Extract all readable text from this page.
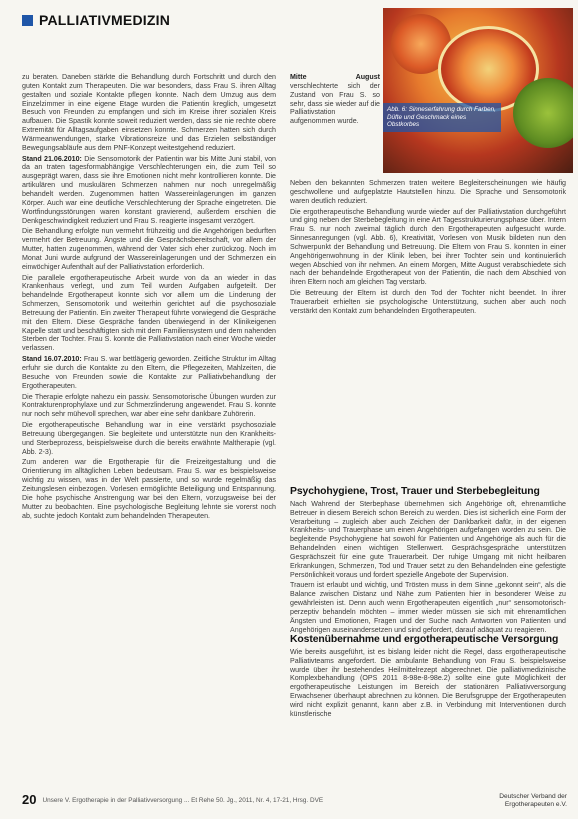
PALLIATIVMEDIZIN
Abb. 6: Sinneserfahrung durch Farben, Düfte und Geschmack eines Obstkorbes

zu beraten. Daneben stärkte die Behandlung durch Fortschritt und durch den guten Kontakt zum Therapeuten. Die war besonders, dass Frau S. ihren Alltag gestalten und soziale Kontakte pflegen konnte. Nach dem Umzug aus dem Einzelzimmer in eine eigene Etage wurden die Patientin kreglich, umgesetzt Besuch von Freunden zu empfangen und sich im Kreise ihrer sozialen Kreis aufbauen. Die Spastik konnte soweit reduziert werden, dass sie nie rechte obere Extremität für Alltagsaufgaben einsetzen konnte. Schmerzen hatten sich durch Wärmeanwendungen, starke Vibrationsreize und das Erzielen selbständiger Bewegungsabläufe aus dem PNF-Konzept weitestgehend reduziert.

Stand 21.06.2010: Die Sensomotorik der Patientin war bis Mitte Juni stabil, von da an traten tagesformabhängige Verschlechterungen ein, die zum Teil so ausgeprägt waren, dass sie ihre Emotionen nicht mehr kontrollieren konnte. Die artikulären und muskulären Schmerzen nahmen nur noch unregelmäßig behandelt werden. Zugenommen hatten Wassereinlagerungen im ganzen Körper. Auch war eine deutliche Verschlechterung der Sprache eingetreten. Die Wortfindungsstörungen waren konstant gravierend, außerdem erschien die Denkgeschwindigkeit reduziert und Frau S. reagierte insgesamt verzögert.

Die Behandlung erfolgte nun vermehrt frühzeitig und die Angehörigen bedurften vermehrt der Betreuung. Ängste und die Gesprächsbereitschaft, vor allem der Mutter, hatten zugenommen, während der Vater sich eher zurückzog. Noch im Monat Juni wurde aufgrund der Wassereinlagerungen und der Schmerzen ein einwöchiger Aufenthalt auf der Palliativstation erforderlich.

Die parallele ergotherapeutische Arbeit wurde von da an wieder in das Krankenhaus verlegt, und zum Teil wurden Aufgaben aufgeteilt. Der behandelnde Ergotherapeut konnte sich vor allem um die Linderung der Schmerzen, Sensomotorik und weiterhin gerichtet auf die psychosoziale Betreuung der Patientin. Ein zweiter Therapeut führte vorwiegend die Gespräche mit den Eltern. Diese Gespräche fanden überwiegend in der Klinikeigenen Kapelle statt und beschäftigten sich mit dem Familiensystem und dem nahenden Sterben der Tochter. Frau S. konnte die Palliativstation nach einer Woche wieder verlassen.

Stand 16.07.2010: Frau S. war bettlägerig geworden. Zeitliche Struktur im Alltag erfuhr sie durch die Kontakte zu den Eltern, die Pflegezeiten, Mahlzeiten, die Besuche von Freunden sowie die Kontakte zur Palliativbehandlung der Ergotherapeuten.

Die Therapie erfolgte nahezu ein passiv. Sensomotorische Übungen wurden zur Kontrakturenprophylaxe und zur Schmerzlinderung angewendet. Frau S. konnte nur noch sehr mühevoll sprechen, war aber eine sehr dankbare Zuhörerin.

Die ergotherapeutische Behandlung war in eine verstärkt psychosoziale Betreuung übergegangen. Sie begleitete und unterstützte nun den Krankheits- und Sterbeprozess, beispielsweise durch die bereits erwähnte Maltherapie (vgl. Abb. 2-3).

Zum anderen war die Ergotherapie für die Freizeitgestaltung und die Orientierung im alltäglichen Leben bedeutsam. Frau S. war es beispielsweise wichtig zu wissen, was in der Welt passierte, und so wurde regelmäßig das Zeitungslesen einbezogen. Vorlesen ermöglichte Beteiligung und Entspannung. Die hohe psychische Anstrengung war bei den Eltern, vorzugsweise bei der Mutter zu beobachten. Eine psychologische Begleitung lehnte sie vorerst noch ab, suchte jedoch Kontakt zum behandelnden Therapeuten.

Mitte August verschlechterte sich der Zustand von Frau S. so sehr, dass sie wieder auf die Palliativstation aufgenommen wurde.

Neben den bekannten Schmerzen traten weitere Begleiterscheinungen wie häufig geschwollene und aufgeplatzte Hautstellen hinzu. Die Sprache und Sensomotorik waren deutlich reduziert.

Die ergotherapeutische Behandlung wurde wieder auf der Palliativstation durchgeführt und ging neben der Sterbebegleitung in eine Art Tagesstrukturierungsphase über. Intern Frau S. nur noch zweimal täglich durch den Ergotherapeuten aufgesucht wurde. Sinnesanregungen (vgl. Abb. 6), Kreativität, Vorlesen von Musik bildeten nun den Schwerpunkt der Behandlung und Betreuung. Die Eltern von Frau S. konnten in einer Angehörigenwohnung in der Klinik leben, bei ihrer Tochter sein und kontinuierlich wegen Abschied von ihr nehmen. An einem Morgen, Mitte August verabschiedete sich nach der behandelnde Ergotherapeut von der Patientin, die nach dem Abschied von ihren Eltern noch am gleichen Tag verstarb.

Die Betreuung der Eltern ist durch den Tod der Tochter nicht beendet. In ihrer Trauerarbeit erhielten sie psychologische Unterstützung, suchen aber auch noch verstärkt den Kontakt zum behandelnden Ergotherapeuten.

Psychohygiene, Trost, Trauer und Sterbebegleitung

Nach Wahrend der Sterbephase übernehmen sich Angehörige oft, ehrenamtliche Betreuer in diesem Bereich schon Bereich zu werden. Dies ist sicherlich eine Form der Verarbeitung – zugleich aber auch Zeichen der Dankbarkeit dafür, in der eigenen Krankheits- und Trauerphase um einen Angehörigen aufgefangen worden zu sein. Die begleitende Psychohygiene hat sowohl für Patienten und Angehörige als auch für die Behandelnden einen wichtigen Stellenwert. Gesprächsgespräche unterstützen Gesprächszeit für eine gute Trauerarbeit. Der ruhige Umgang mit nicht heilbaren Erkrankungen, Schmerzen, Tod und Trauer setzt zu den Behandelnden eine gefestigte Persönlichkeit voraus und fordert spezielle Angebote der Supervision.

Trauern ist erlaubt und wichtig, und Trösten muss in dem Sinne „gekonnt sein“, als die Balance zwischen Distanz und Nähe zum Patienten hier in besonderer Weise zu gewährleisten ist. Denn auch wenn Ergotherapeuten eigentlich „nur“ sensomotorisch-perzeptiv behandeln möchten – immer wieder müssen sie sich mit ehrenamtlichen Ängsten und Emotionen, Fragen und der Suche nach Antworten von Patienten und Angehörigen auseinandersetzen und sind gefordert, darauf adäquat zu reagieren.

Kostenübernahme und ergotherapeutische Versorgung

Wie bereits ausgeführt, ist es bislang leider nicht die Regel, dass ergotherapeutische Palliativteams angefordert. Die ambulante Behandlung von Frau S. beispielsweise wurde über ihr bestehendes Heilmittelrezept abgerechnet. Die palliativmedizinische Komplexbehandlung (OPS 2011 8-98e-8-98e.2) sollte eine gute Möglichkeit der ergotherapeutische Leistungen im Bereich der stationären Palliativversorgung Erwachsener überhaupt abrechnen zu können. Die Berufsgruppe der Ergotherapeuten wird nicht explizit genannt, kann aber z.B. in Verbindung mit Interventionen durch künstlerische

20 Unsere V. Ergotherapie in der Palliativversorgung ... Et Rehe 50. Jg., 2011, Nr. 4, 17-21, Hrsg. DVE
Deutscher Verband der
Ergotherapeuten e.V.
